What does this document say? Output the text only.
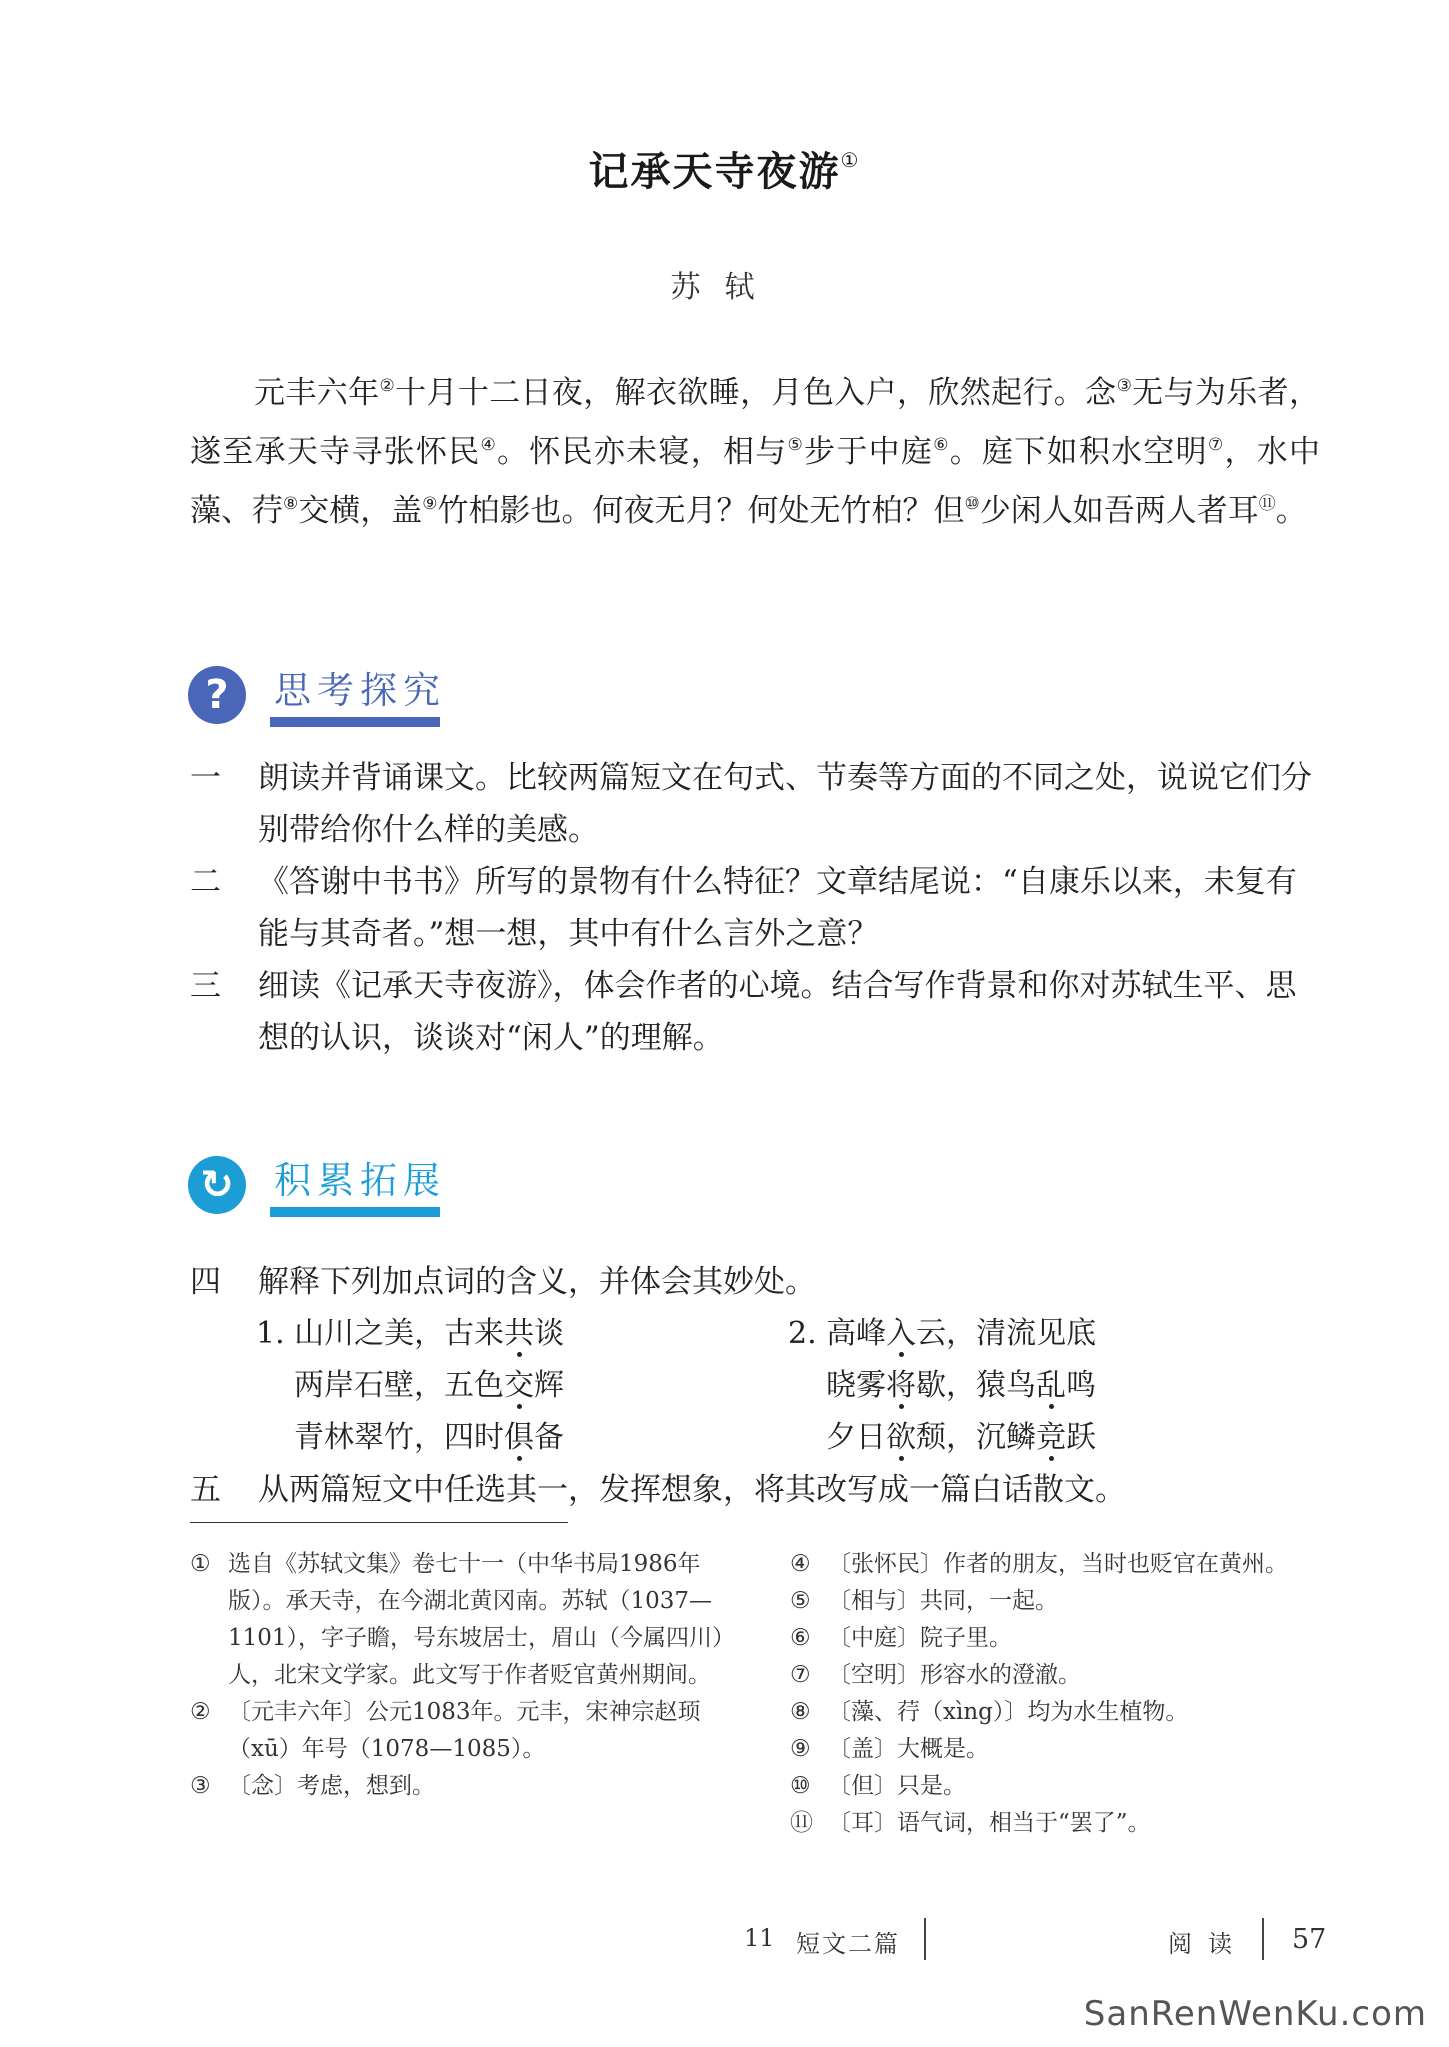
记承天寺夜游①
苏轼

元丰六年②十月十二日夜，解衣欲睡，月色入户，欣然起行。念③无与为乐者，遂至承天寺寻张怀民④。怀民亦未寝，相与⑤步于中庭⑥。庭下如积水空明⑦，水中藻、荇⑧交横，盖⑨竹柏影也。何夜无月？何处无竹柏？但⑩少闲人如吾两人者耳⑪。

?	思考探究
一 朗读并背诵课文。比较两篇短文在句式、节奏等方面的不同之处，说说它们分别带给你什么样的美感。
二 《答谢中书书》所写的景物有什么特征？文章结尾说：“自康乐以来，未复有能与其奇者。”想一想，其中有什么言外之意？
三 细读《记承天寺夜游》，体会作者的心境。结合写作背景和你对苏轼生平、思想的认识，谈谈对“闲人”的理解。
↻	积累拓展
四 解释下列加点词的含义，并体会其妙处。
1. 山川之美，古来共谈
两岸石壁，五色交辉
青林翠竹，四时俱备
2. 高峰入云，清流见底
晓雾将歇，猿鸟乱鸣
夕日欲颓，沉鳞竞跃
五 从两篇短文中任选其一，发挥想象，将其改写成一篇白话散文。
① 选自《苏轼文集》卷七十一（中华书局1986年版）。承天寺，在今湖北黄冈南。苏轼（1037—1101），字子瞻，号东坡居士，眉山（今属四川）人，北宋文学家。此文写于作者贬官黄州期间。
② 〔元丰六年〕公元1083年。元丰，宋神宗赵顼（xū）年号（1078—1085）。
③ 〔念〕考虑，想到。
④ 〔张怀民〕作者的朋友，当时也贬官在黄州。
⑤ 〔相与〕共同，一起。
⑥ 〔中庭〕院子里。
⑦ 〔空明〕形容水的澄澈。
⑧ 〔藻、荇（xìng）〕均为水生植物。
⑨ 〔盖〕大概是。
⑩ 〔但〕只是。
⑪ 〔耳〕语气词，相当于“罢了”。
11 短文二篇	阅读 57
SanRenWenKu.com
